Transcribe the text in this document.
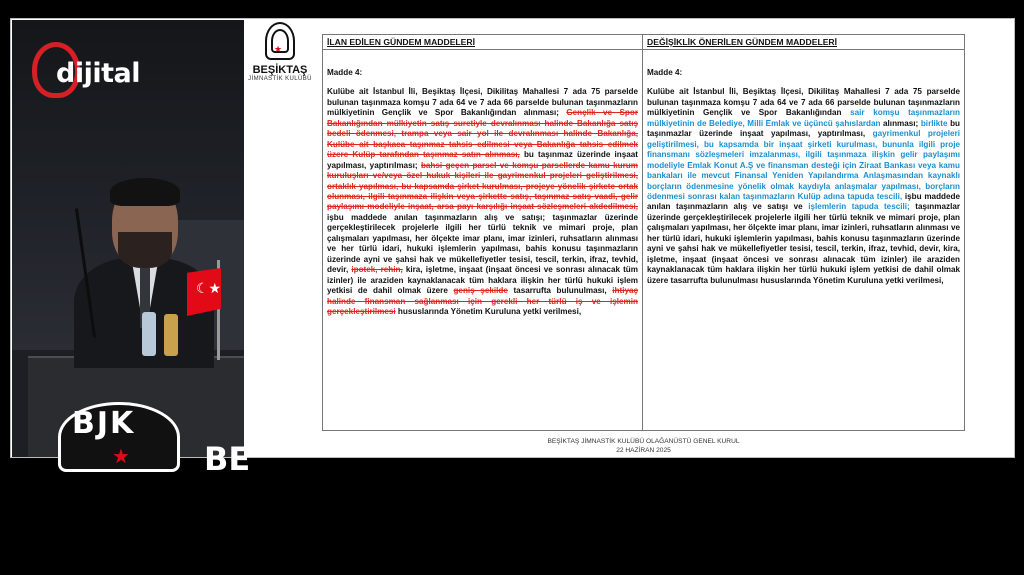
☾★
BJK
★ BE
dijital
★
BEŞİKTAŞ
JİMNASTİK KULÜBÜ
İLAN EDİLEN GÜNDEM MADDELERİ
Madde 4:
Kulübe ait İstanbul İli, Beşiktaş İlçesi, Dikilitaş Mahallesi 7 ada 75 parselde bulunan taşınmaza komşu 7 ada 64 ve 7 ada 66 parselde bulunan taşınmazların mülkiyetinin Gençlik ve Spor Bakanlığından alınması; Gençlik ve Spor Bakanlığından mülkiyetin satış suretiyle devralınması halinde Bakanlığa satış bedeli ödenmesi, trampa veya sair yol ile devralınması halinde Bakanlığa, Kulübe ait başkaca taşınmaz tahsis edilmesi veya Bakanlığa tahsis edilmek üzere Kulüp tarafından taşınmaz satın alınması, bu taşınmaz üzerinde inşaat yapılması, yaptırılması; bahsi geçen parsel ve komşu parsellerde kamu kurum kuruluşları ve/veya özel hukuk kişileri ile gayrimenkul projeleri geliştirilmesi, ortaklık yapılması, bu kapsamda şirket kurulması, projeye yönelik şirkete ortak olunması, ilgili taşınmaza ilişkin veya şirkette satış, taşınmaz satış vaadi, gelir paylaşımı modeliyle inşaat, arsa payı karşılığı inşaat sözleşmeleri akdedilmesi, işbu maddede anılan taşınmazların alış ve satışı; taşınmazlar üzerinde gerçekleştirilecek projelerle ilgili her türlü teknik ve mimari proje, plan çalışmaları yapılması, her ölçekte imar planı, imar izinleri, ruhsatların alınması ve her türlü idari, hukuki işlemlerin yapılması, bahis konusu taşınmazların üzerinde ayni ve şahsi hak ve mükellefiyetler tesisi, tescil, terkin, ifraz, tevhid, devir, ipotek, rehin, kira, işletme, inşaat (inşaat öncesi ve sonrası alınacak tüm izinler) ile araziden kaynaklanacak tüm haklara ilişkin her türlü hukuki işlem yetkisi de dahil olmak üzere geniş şekilde tasarrufta bulunulması, ihtiyaç halinde finansman sağlanması için gerekli her türlü iş ve işlemin gerçekleştirilmesi hususlarında Yönetim Kuruluna yetki verilmesi,
DEĞİŞİKLİK ÖNERİLEN GÜNDEM MADDELERİ
Madde 4:
Kulübe ait İstanbul İli, Beşiktaş İlçesi, Dikilitaş Mahallesi 7 ada 75 parselde bulunan taşınmaza komşu 7 ada 64 ve 7 ada 66 parselde bulunan taşınmazların mülkiyetinin Gençlik ve Spor Bakanlığından sair komşu taşınmazların mülkiyetinin de Belediye, Milli Emlak ve üçüncü şahıslardan alınması; birlikte bu taşınmazlar üzerinde inşaat yapılması, yaptırılması, gayrimenkul projeleri geliştirilmesi, bu kapsamda bir inşaat şirketi kurulması, bununla ilgili proje finansmanı sözleşmeleri imzalanması, ilgili taşınmaza ilişkin gelir paylaşımı modeliyle Emlak Konut A.Ş ve finansman desteği için Ziraat Bankası veya kamu bankaları ile mevcut Finansal Yeniden Yapılandırma Anlaşmasından kaynaklı borçların ödenmesine yönelik olmak kaydıyla anlaşmalar yapılması, borçların ödenmesi sonrası kalan taşınmazların Kulüp adına tapuda tescili, işbu maddede anılan taşınmazların alış ve satışı ve işlemlerin tapuda tescili; taşınmazlar üzerinde gerçekleştirilecek projelerle ilgili her türlü teknik ve mimari proje, plan çalışmaları yapılması, her ölçekte imar planı, imar izinleri, ruhsatların alınması ve her türlü idari, hukuki işlemlerin yapılması, bahis konusu taşınmazların üzerinde ayni ve şahsi hak ve mükellefiyetler tesisi, tescil, terkin, ifraz, tevhid, devir, kira, işletme, inşaat (inşaat öncesi ve sonrası alınacak tüm izinler) ile araziden kaynaklanacak tüm haklara ilişkin her türlü hukuki işlem yetkisi de dahil olmak üzere tasarrufta bulunulması hususlarında Yönetim Kuruluna yetki verilmesi,
BEŞİKTAŞ JİMNASTİK KULÜBÜ OLAĞANÜSTÜ GENEL KURUL
22 HAZİRAN 2025
